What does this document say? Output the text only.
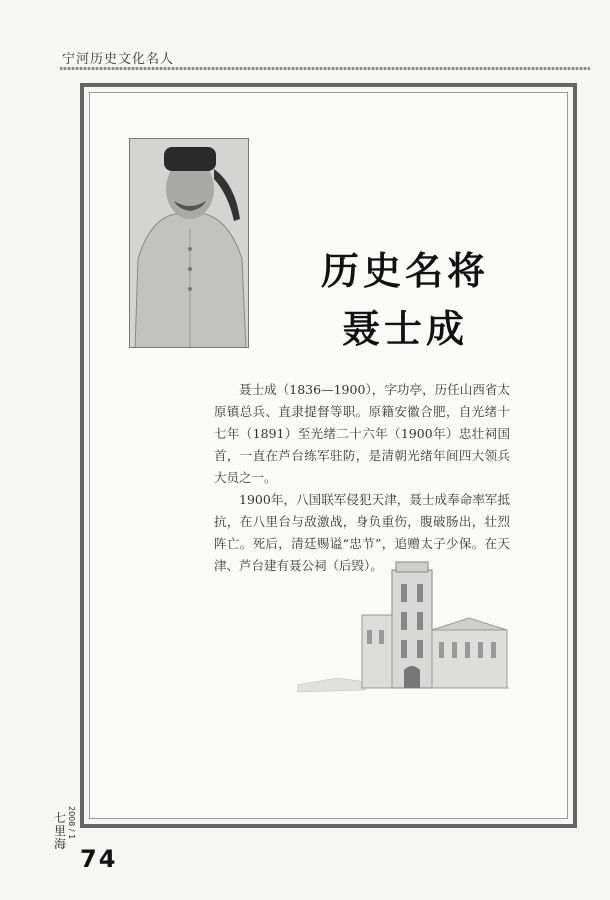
宁河历史文化名人
历史名将
聂士成

聂士成（1836—1900），字功亭，历任山西省太原镇总兵、直隶提督等职。原籍安徽合肥，自光绪十七年（1891）至光绪二十六年（1900年）忠壮祠国首，一直在芦台练军驻防，是清朝光绪年间四大领兵大员之一。

1900年，八国联军侵犯天津，聂士成奉命率军抵抗，在八里台与敌激战，身负重伤，腹破肠出，壮烈阵亡。死后，清廷赐谥“忠节”，追赠太子少保。在天津、芦台建有聂公祠（后毁）。

七里海
2008 / 1
74
